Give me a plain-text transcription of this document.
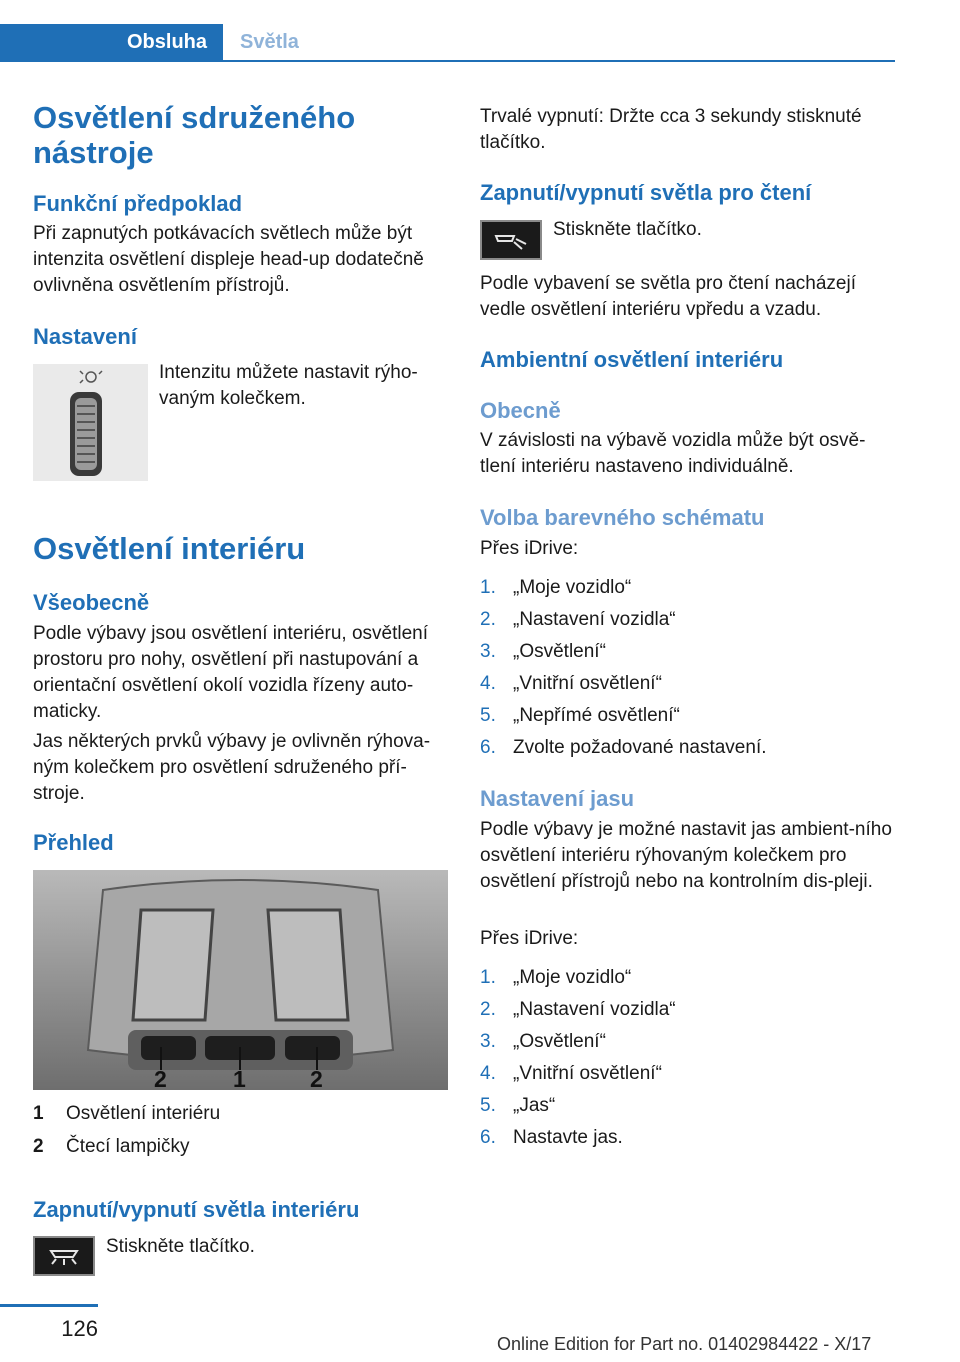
Obsluha	Světla
Osvětlení sdruženého nástroje
Funkční předpoklad

Při zapnutých potkávacích světlech může být intenzita osvětlení displeje head-up dodatečně ovlivněna osvětlením přístrojů.

Nastavení

Intenzitu můžete nastavit rýho-vaným kolečkem.

Osvětlení interiéru
Všeobecně

Podle výbavy jsou osvětlení interiéru, osvětlení prostoru pro nohy, osvětlení při nastupování a orientační osvětlení okolí vozidla řízeny auto-maticky.

Jas některých prvků výbavy je ovlivněn rýhova-ným kolečkem pro osvětlení sdruženého pří-stroje.

Přehled
2	1	2
1	Osvětlení interiéru
2	Čtecí lampičky
Zapnutí/vypnutí světla interiéru

Stiskněte tlačítko.

Trvalé vypnutí: Držte cca 3 sekundy stisknuté tlačítko.

Zapnutí/vypnutí světla pro čtení

Stiskněte tlačítko.

Podle vybavení se světla pro čtení nacházejí vedle osvětlení interiéru vpředu a vzadu.

Ambientní osvětlení interiéru
Obecně

V závislosti na výbavě vozidla může být osvě-tlení interiéru nastaveno individuálně.

Volba barevného schématu

Přes iDrive:

1. „Moje vozidlo“
2. „Nastavení vozidla“
3. „Osvětlení“
4. „Vnitřní osvětlení“
5. „Nepřímé osvětlení“
6. Zvolte požadované nastavení.
Nastavení jasu

Podle výbavy je možné nastavit jas ambient-ního osvětlení interiéru rýhovaným kolečkem pro osvětlení přístrojů nebo na kontrolním dis-pleji.

Přes iDrive:

1. „Moje vozidlo“
2. „Nastavení vozidla“
3. „Osvětlení“
4. „Vnitřní osvětlení“
5. „Jas“
6. Nastavte jas.
126
Online Edition for Part no. 01402984422 - X/17
